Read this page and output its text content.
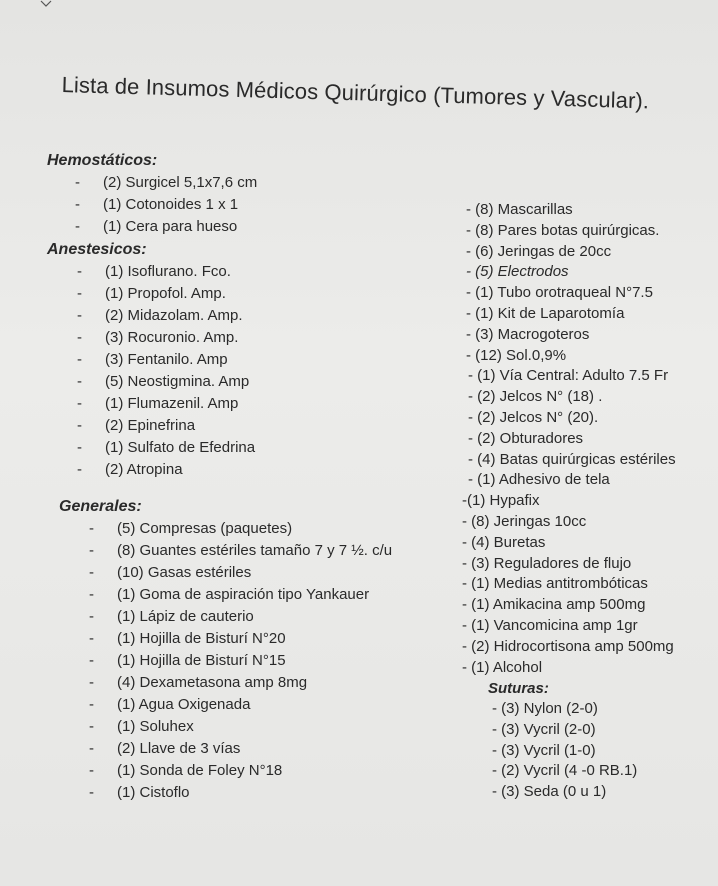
Lista de Insumos Médicos Quirúrgico (Tumores y Vascular).
Hemostáticos:
-	(2) Surgicel 5,1x7,6 cm
-	(1) Cotonoides 1 x 1
-	(1) Cera para hueso
Anestesicos:
-	(1) Isoflurano. Fco.
-	(1) Propofol. Amp.
-	(2) Midazolam. Amp.
-	(3) Rocuronio. Amp.
-	(3) Fentanilo. Amp
-	(5) Neostigmina. Amp
-	(1) Flumazenil. Amp
-	(2) Epinefrina
-	(1) Sulfato de Efedrina
-	(2) Atropina
Generales:
-	(5) Compresas (paquetes)
-	(8) Guantes estériles tamaño 7 y 7 ½. c/u
-	(10) Gasas estériles
-	(1) Goma de aspiración tipo Yankauer
-	(1) Lápiz de cauterio
-	(1) Hojilla de Bisturí N°20
-	(1) Hojilla de Bisturí N°15
-	(4) Dexametasona amp 8mg
-	(1) Agua Oxigenada
-	(1) Soluhex
-	(2) Llave de 3 vías
-	(1) Sonda de Foley N°18
-	(1) Cistoflo
- (8) Mascarillas
- (8) Pares botas quirúrgicas.
- (6) Jeringas de 20cc
- (5) Electrodos
- (1) Tubo orotraqueal N°7.5
- (1) Kit de Laparotomía
- (3) Macrogoteros
- (12) Sol.0,9%
- (1) Vía Central: Adulto 7.5 Fr
- (2) Jelcos N° (18) .
- (2) Jelcos N° (20).
- (2) Obturadores
- (4) Batas quirúrgicas estériles
- (1) Adhesivo de tela
-(1) Hypafix
- (8) Jeringas 10cc
- (4) Buretas
- (3) Reguladores de flujo
- (1) Medias antitrombóticas
- (1) Amikacina amp 500mg
- (1) Vancomicina amp 1gr
- (2) Hidrocortisona amp 500mg
- (1) Alcohol
Suturas:
- (3) Nylon (2-0)
- (3) Vycril (2-0)
- (3) Vycril (1-0)
- (2) Vycril (4 -0 RB.1)
- (3) Seda (0 u 1)
